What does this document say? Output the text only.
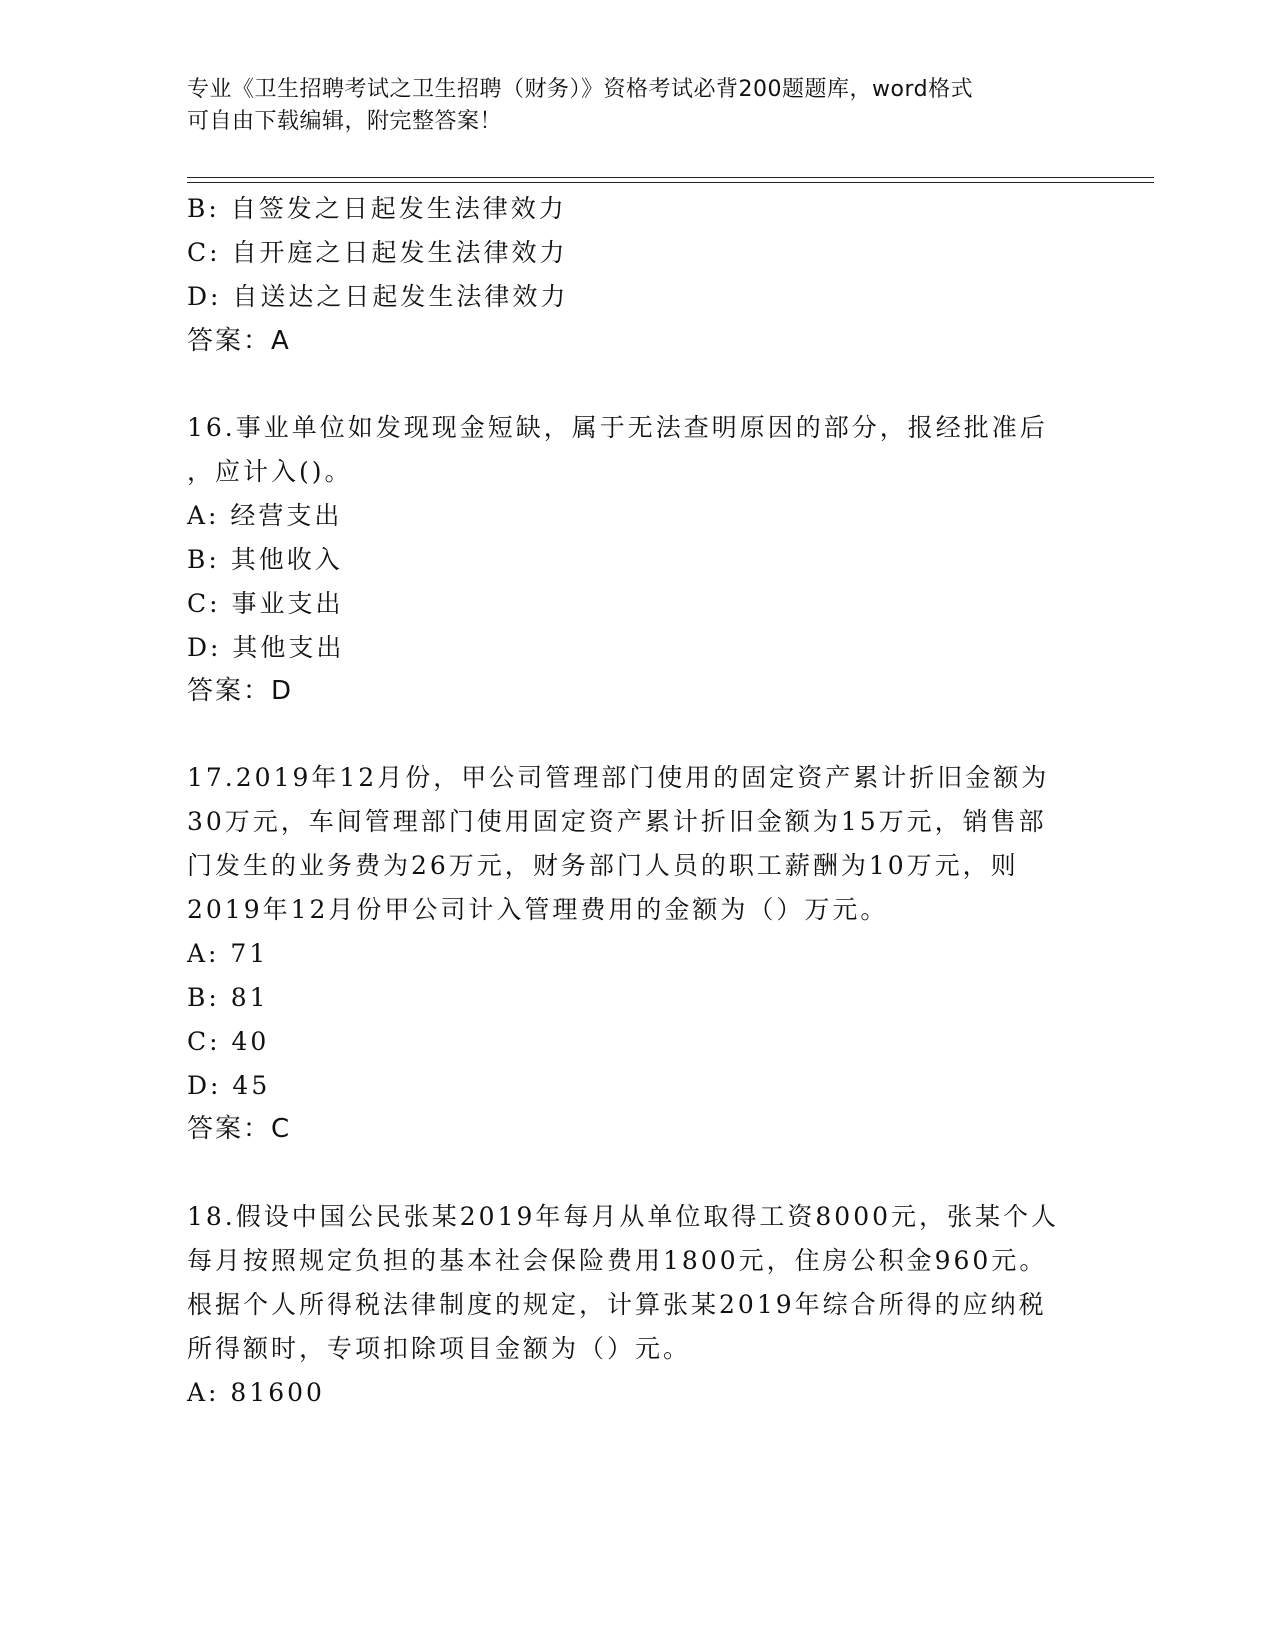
专业《卫生招聘考试之卫生招聘（财务）》资格考试必背200题题库，word格式
可自由下载编辑，附完整答案！
B: 自签发之日起发生法律效力
C: 自开庭之日起发生法律效力
D: 自送达之日起发生法律效力
答案：A
16.事业单位如发现现金短缺，属于无法查明原因的部分，报经批准后
，应计入()。
A: 经营支出
B: 其他收入
C: 事业支出
D: 其他支出
答案：D
17.2019年12月份，甲公司管理部门使用的固定资产累计折旧金额为
30万元，车间管理部门使用固定资产累计折旧金额为15万元，销售部
门发生的业务费为26万元，财务部门人员的职工薪酬为10万元，则
2019年12月份甲公司计入管理费用的金额为（）万元。
A: 71
B: 81
C: 40
D: 45
答案：C
18.假设中国公民张某2019年每月从单位取得工资8000元，张某个人
每月按照规定负担的基本社会保险费用1800元，住房公积金960元。
根据个人所得税法律制度的规定，计算张某2019年综合所得的应纳税
所得额时，专项扣除项目金额为（）元。
A: 81600
